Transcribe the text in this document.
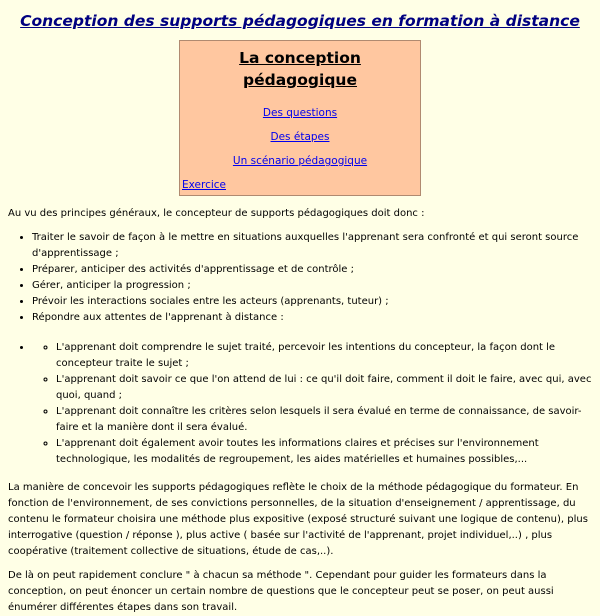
Conception des supports pédagogiques en formation à distance
La conception pédagogique
Des questions
Des étapes
Un scénario pédagogique
Exercice

Au vu des principes généraux, le concepteur de supports pédagogiques doit donc :

• Traiter le savoir de façon à le mettre en situations auxquelles l'apprenant sera confronté et qui seront source d'apprentissage ;
• Préparer, anticiper des activités d'apprentissage et de contrôle ;
• Gérer, anticiper la progression ;
• Prévoir les interactions sociales entre les acteurs (apprenants, tuteur) ;
• Répondre aux attentes de l'apprenant à distance :
◦ • L'apprenant doit comprendre le sujet traité, percevoir les intentions du concepteur, la façon dont le concepteur traite le sujet ;
◦ L'apprenant doit savoir ce que l'on attend de lui : ce qu'il doit faire, comment il doit le faire, avec qui, avec quoi, quand ;
◦ L'apprenant doit connaître les critères selon lesquels il sera évalué en terme de connaissance, de savoir-faire et la manière dont il sera évalué.
◦ L'apprenant doit également avoir toutes les informations claires et précises sur l'environnement technologique, les modalités de regroupement, les aides matérielles et humaines possibles,...

La manière de concevoir les supports pédagogiques reflète le choix de la méthode pédagogique du formateur. En fonction de l'environnement, de ses convictions personnelles, de la situation d'enseignement / apprentissage, du contenu le formateur choisira une méthode plus expositive (exposé structuré suivant une logique de contenu), plus interrogative (question / réponse ), plus active ( basée sur l'activité de l'apprenant, projet individuel,..) , plus coopérative (traitement collective de situations, étude de cas,..).

De là on peut rapidement conclure " à chacun sa méthode ". Cependant pour guider les formateurs dans la conception, on peut énoncer un certain nombre de questions que le concepteur peut se poser, on peut aussi énumérer différentes étapes dans son travail.
